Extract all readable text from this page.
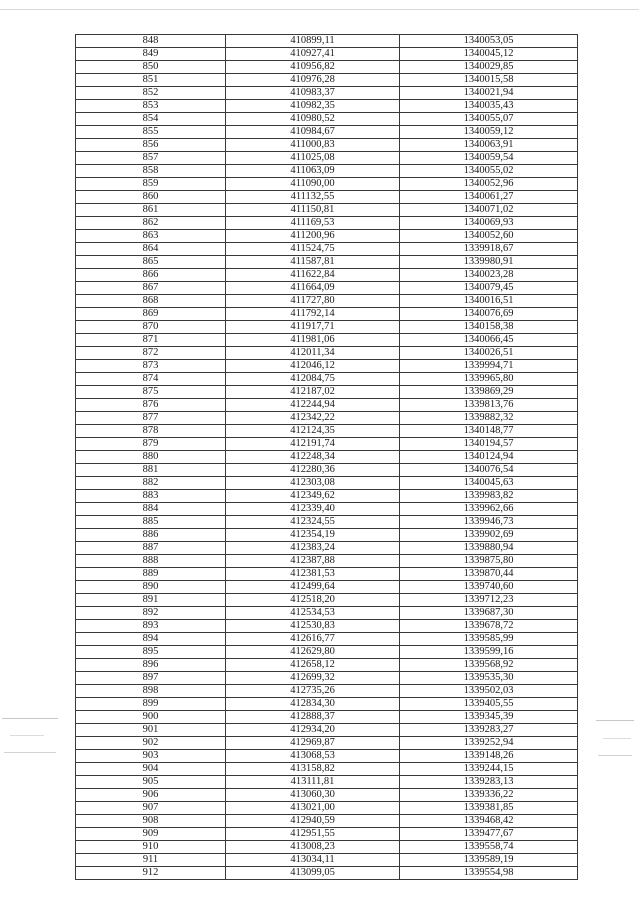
848	410899,11	1340053,05
849	410927,41	1340045,12
850	410956,82	1340029,85
851	410976,28	1340015,58
852	410983,37	1340021,94
853	410982,35	1340035,43
854	410980,52	1340055,07
855	410984,67	1340059,12
856	411000,83	1340063,91
857	411025,08	1340059,54
858	411063,09	1340055,02
859	411090,00	1340052,96
860	411132,55	1340061,27
861	411150,81	1340071,02
862	411169,53	1340069,93
863	411200,96	1340052,60
864	411524,75	1339918,67
865	411587,81	1339980,91
866	411622,84	1340023,28
867	411664,09	1340079,45
868	411727,80	1340016,51
869	411792,14	1340076,69
870	411917,71	1340158,38
871	411981,06	1340066,45
872	412011,34	1340026,51
873	412046,12	1339994,71
874	412084,75	1339965,80
875	412187,02	1339869,29
876	412244,94	1339813,76
877	412342,22	1339882,32
878	412124,35	1340148,77
879	412191,74	1340194,57
880	412248,34	1340124,94
881	412280,36	1340076,54
882	412303,08	1340045,63
883	412349,62	1339983,82
884	412339,40	1339962,66
885	412324,55	1339946,73
886	412354,19	1339902,69
887	412383,24	1339880,94
888	412387,88	1339875,80
889	412381,53	1339870,44
890	412499,64	1339740,60
891	412518,20	1339712,23
892	412534,53	1339687,30
893	412530,83	1339678,72
894	412616,77	1339585,99
895	412629,80	1339599,16
896	412658,12	1339568,92
897	412699,32	1339535,30
898	412735,26	1339502,03
899	412834,30	1339405,55
900	412888,37	1339345,39
901	412934,20	1339283,27
902	412969,87	1339252,94
903	413068,53	1339148,26
904	413158,82	1339244,15
905	413111,81	1339283,13
906	413060,30	1339336,22
907	413021,00	1339381,85
908	412940,59	1339468,42
909	412951,55	1339477,67
910	413008,23	1339558,74
911	413034,11	1339589,19
912	413099,05	1339554,98
